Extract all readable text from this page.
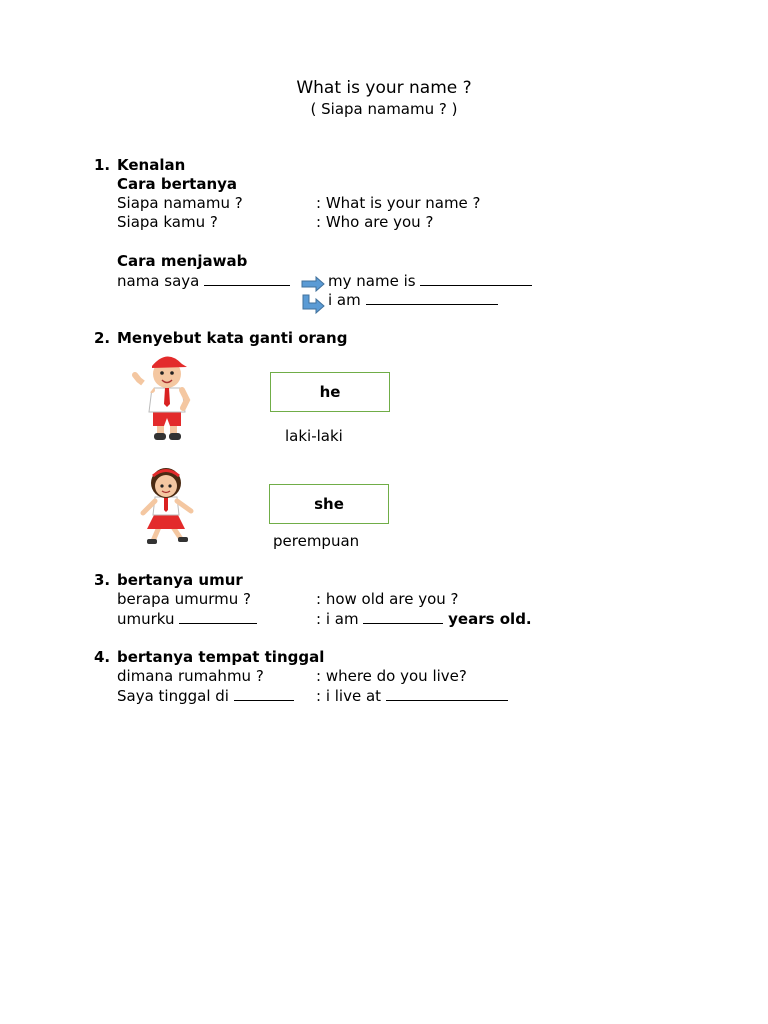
What is your name ?
( Siapa namamu ? )
1. Kenalan
Cara bertanya
Siapa namamu ?	: What is your name ?
Siapa kamu ?	: Who are you ?
Cara menjawab
nama saya	my name is
i am
2. Menyebut kata ganti orang
he
laki-laki
she
perempuan
3. bertanya umur
berapa umurmu ?	: how old are you ?
umurku	: i am	years old.
4. bertanya tempat tinggal
dimana rumahmu ?	: where do you live?
Saya tinggal di	: i live at
